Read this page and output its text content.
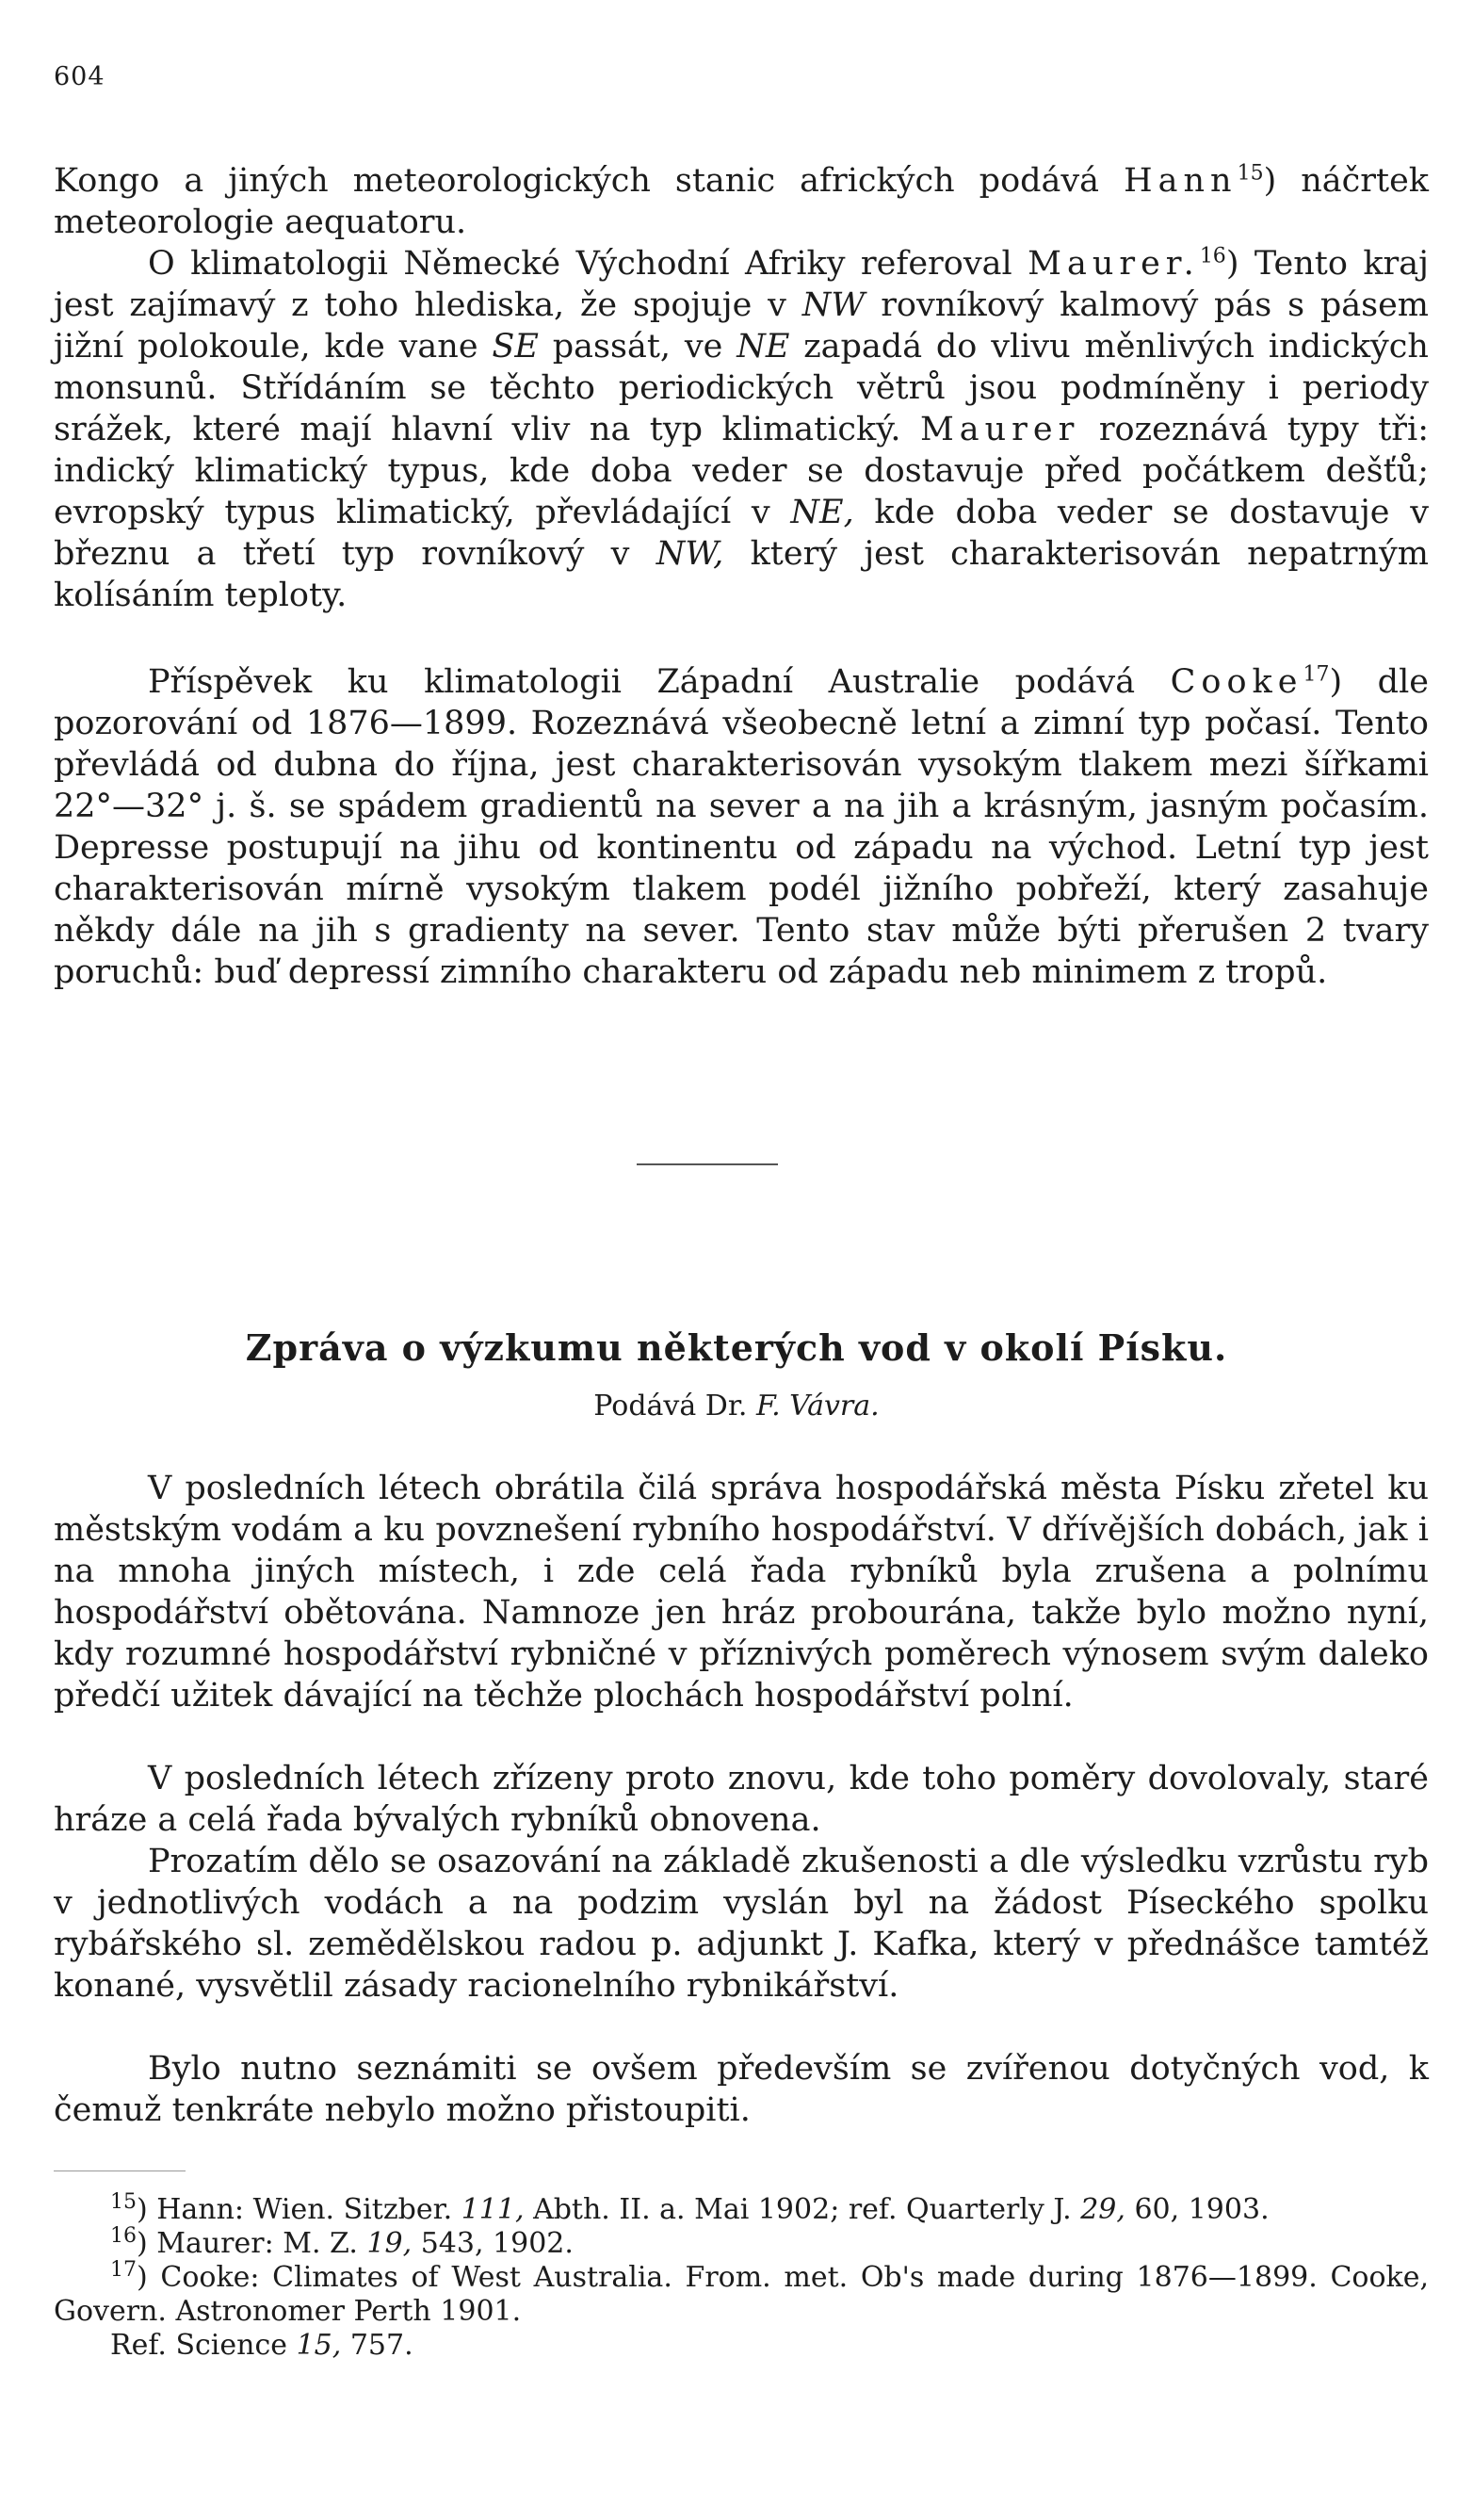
604

Kongo a jiných meteorologických stanic afrických podává Hann$^{15}$) náčrtek meteorologie aequatoru.

O klimatologii Německé Východní Afriky referoval Maurer.$^{16}$) Tento kraj jest zajímavý z toho hlediska, že spojuje v NW rovníkový kalmový pás s pásem jižní polokoule, kde vane SE passát, ve NE zapadá do vlivu měnlivých indických monsunů. Střídáním se těchto periodických větrů jsou podmíněny i periody srážek, které mají hlavní vliv na typ klimatický. Maurer rozeznává typy tři: indický klimatický typus, kde doba veder se dostavuje před počátkem dešťů; evropský typus klimatický, převládající v NE, kde doba veder se dostavuje v březnu a třetí typ rovníkový v NW, který jest charakterisován nepatrným kolísáním teploty.

Příspěvek ku klimatologii Západní Australie podává Cooke$^{17}$) dle pozorování od 1876—1899. Rozeznává všeobecně letní a zimní typ počasí. Tento převládá od dubna do října, jest charakterisován vysokým tlakem mezi šířkami 22°—32° j. š. se spádem gradientů na sever a na jih a krásným, jasným počasím. Depresse postupují na jihu od kontinentu od západu na východ. Letní typ jest charakterisován mírně vysokým tlakem podél jižního pobřeží, který zasahuje někdy dále na jih s gradienty na sever. Tento stav může býti přerušen 2 tvary poruchů: buď depressí zimního charakteru od západu neb minimem z tropů.

Zpráva o výzkumu některých vod v okolí Písku.
Podává Dr. F. Vávra.

V posledních létech obrátila čilá správa hospodářská města Písku zřetel ku městským vodám a ku povznešení rybního hospodářství. V dřívějších dobách, jak i na mnoha jiných místech, i zde celá řada rybníků byla zrušena a polnímu hospodářství obětována. Namnoze jen hráz probourána, takže bylo možno nyní, kdy rozumné hospodářství rybničné v příznivých poměrech výnosem svým daleko předčí užitek dávající na těchže plochách hospodářství polní.

V posledních létech zřízeny proto znovu, kde toho poměry dovolovaly, staré hráze a celá řada bývalých rybníků obnovena.

Prozatím dělo se osazování na základě zkušenosti a dle výsledku vzrůstu ryb v jednotlivých vodách a na podzim vyslán byl na žádost Píseckého spolku rybářského sl. zemědělskou radou p. adjunkt J. Kafka, který v přednášce tamtéž konané, vysvětlil zásady racionelního rybnikářství.

Bylo nutno seznámiti se ovšem především se zvířenou dotyčných vod, k čemuž tenkráte nebylo možno přistoupiti.

$^{15}$) Hann: Wien. Sitzber. 111, Abth. II. a. Mai 1902; ref. Quarterly J. 29, 60, 1903.

$^{16}$) Maurer: M. Z. 19, 543, 1902.

$^{17}$) Cooke: Climates of West Australia. From. met. Ob's made during 1876—1899. Cooke, Govern. Astronomer Perth 1901.

Ref. Science 15, 757.
